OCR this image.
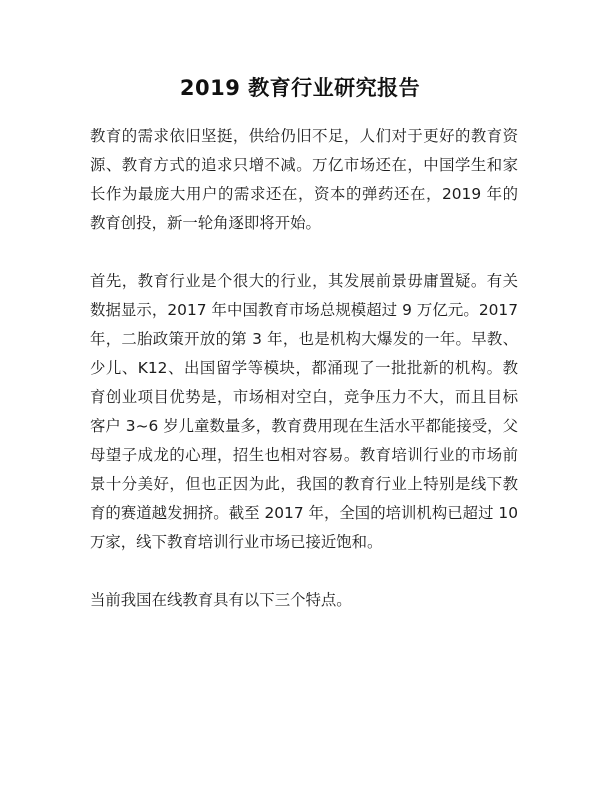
2019 教育行业研究报告

教育的需求依旧坚挺，供给仍旧不足，人们对于更好的教育资源、教育方式的追求只增不减。万亿市场还在，中国学生和家长作为最庞大用户的需求还在，资本的弹药还在，2019 年的教育创投，新一轮角逐即将开始。

首先，教育行业是个很大的行业，其发展前景毋庸置疑。有关数据显示，2017 年中国教育市场总规模超过 9 万亿元。2017 年，二胎政策开放的第 3 年，也是机构大爆发的一年。早教、少儿、K12、出国留学等模块，都涌现了一批批新的机构。教育创业项目优势是，市场相对空白，竞争压力不大，而且目标客户 3~6 岁儿童数量多，教育费用现在生活水平都能接受，父母望子成龙的心理，招生也相对容易。教育培训行业的市场前景十分美好，但也正因为此，我国的教育行业上特别是线下教育的赛道越发拥挤。截至 2017 年，全国的培训机构已超过 10 万家，线下教育培训行业市场已接近饱和。

当前我国在线教育具有以下三个特点。
